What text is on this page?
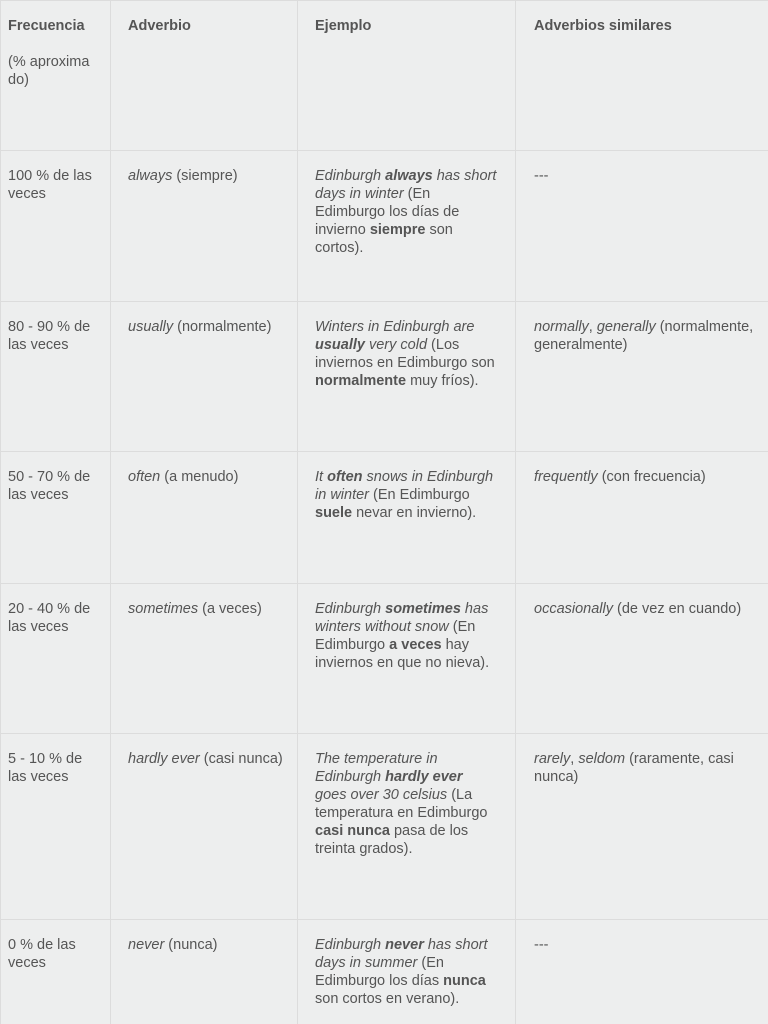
Frecuencia
(% aproximado)	Adverbio	Ejemplo	Adverbios similares
100 % de las veces	always (siempre)	Edinburgh always has short days in winter (En Edimburgo los días de invierno siempre son cortos).	---
80 - 90 % de las veces	usually (normalmente)	Winters in Edinburgh are usually very cold (Los inviernos en Edimburgo son normalmente muy fríos).	normally, generally (normalmente, generalmente)
50 - 70 % de las veces	often (a menudo)	It often snows in Edinburgh in winter (En Edimburgo suele nevar en invierno).	frequently (con frecuencia)
20 - 40 % de las veces	sometimes (a veces)	Edinburgh sometimes has winters without snow (En Edimburgo a veces hay inviernos en que no nieva).	occasionally (de vez en cuando)
5 - 10 % de las veces	hardly ever (casi nunca)	The temperature in Edinburgh hardly ever goes over 30 celsius (La temperatura en Edimburgo casi nunca pasa de los treinta grados).	rarely, seldom (raramente, casi nunca)
0 % de las veces	never (nunca)	Edinburgh never has short days in summer (En Edimburgo los días nunca son cortos en verano).	---
